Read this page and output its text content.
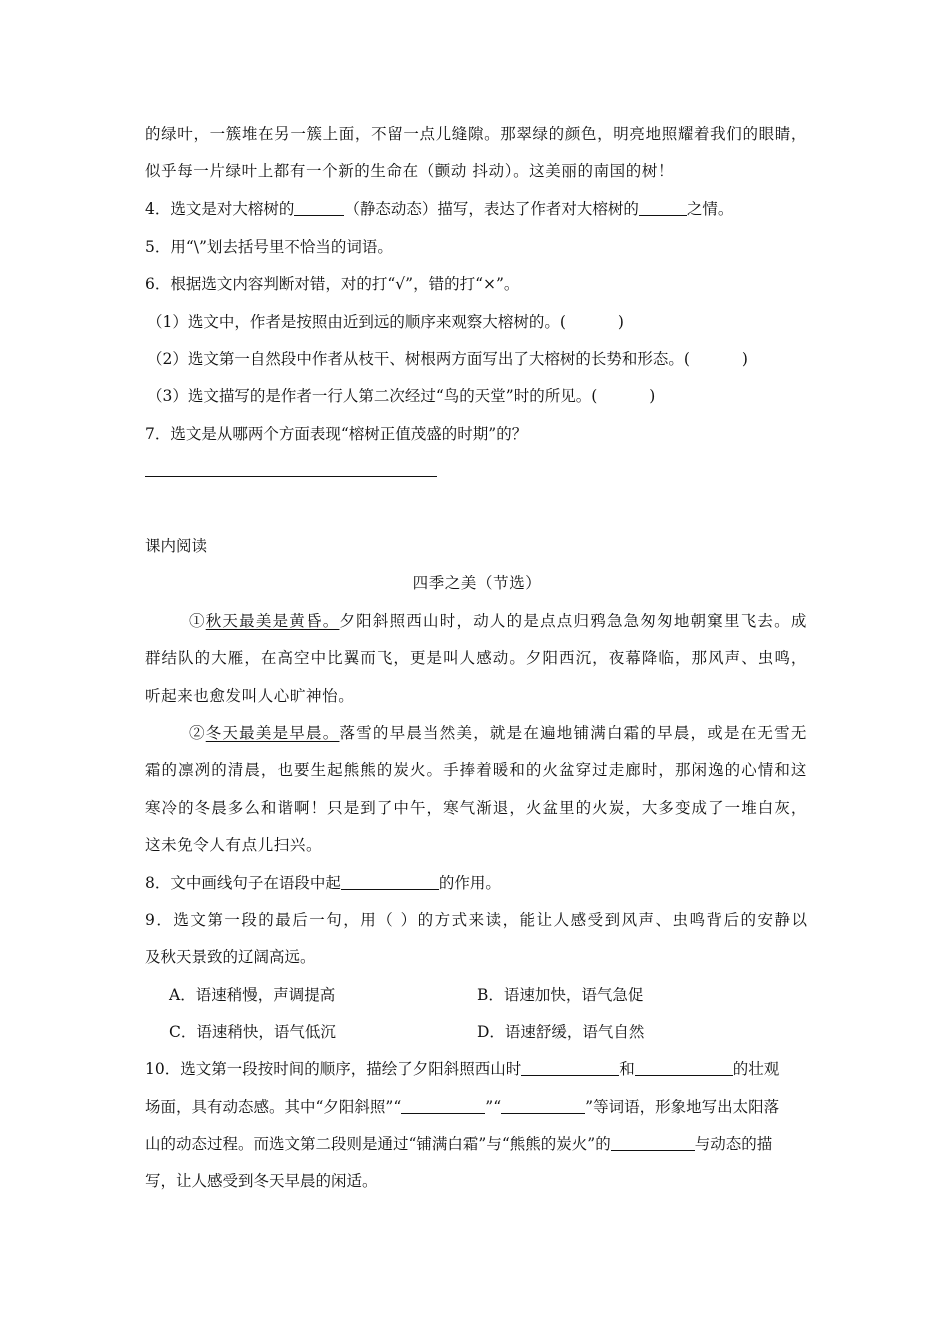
的绿叶，一簇堆在另一簇上面，不留一点儿缝隙。那翠绿的颜色，明亮地照耀着我们的眼睛，
似乎每一片绿叶上都有一个新的生命在（颤动 抖动）。这美丽的南国的树！
4．选文是对大榕树的	（静态动态）描写，表达了作者对大榕树的	之情。
5．用“\”划去括号里不恰当的词语。
6．根据选文内容判断对错，对的打“√”，错的打“×”。
（1）选文中，作者是按照由近到远的顺序来观察大榕树的。(	)
（2）选文第一自然段中作者从枝干、树根两方面写出了大榕树的长势和形态。(	)
（3）选文描写的是作者一行人第二次经过“鸟的天堂”时的所见。(	)
7．选文是从哪两个方面表现“榕树正值茂盛的时期”的？
课内阅读
四季之美（节选）
①秋天最美是黄昏。夕阳斜照西山时，动人的是点点归鸦急急匆匆地朝窠里飞去。成
群结队的大雁，在高空中比翼而飞，更是叫人感动。夕阳西沉，夜幕降临，那风声、虫鸣，
听起来也愈发叫人心旷神怡。
②冬天最美是早晨。落雪的早晨当然美，就是在遍地铺满白霜的早晨，或是在无雪无
霜的凛冽的清晨，也要生起熊熊的炭火。手捧着暖和的火盆穿过走廊时，那闲逸的心情和这
寒冷的冬晨多么和谐啊！只是到了中午，寒气渐退，火盆里的火炭，大多变成了一堆白灰，
这未免令人有点儿扫兴。
8．文中画线句子在语段中起	的作用。
9．选文第一段的最后一句，用（ ）的方式来读，能让人感受到风声、虫鸣背后的安静以
及秋天景致的辽阔高远。
A．语速稍慢，声调提高	B．语速加快，语气急促
C．语速稍快，语气低沉	D．语速舒缓，语气自然
10．选文第一段按时间的顺序，描绘了夕阳斜照西山时	和	的壮观
场面，具有动态感。其中“夕阳斜照”“	”“	”等词语，形象地写出太阳落
山的动态过程。而选文第二段则是通过“铺满白霜”与“熊熊的炭火”的	与动态的描
写，让人感受到冬天早晨的闲适。
